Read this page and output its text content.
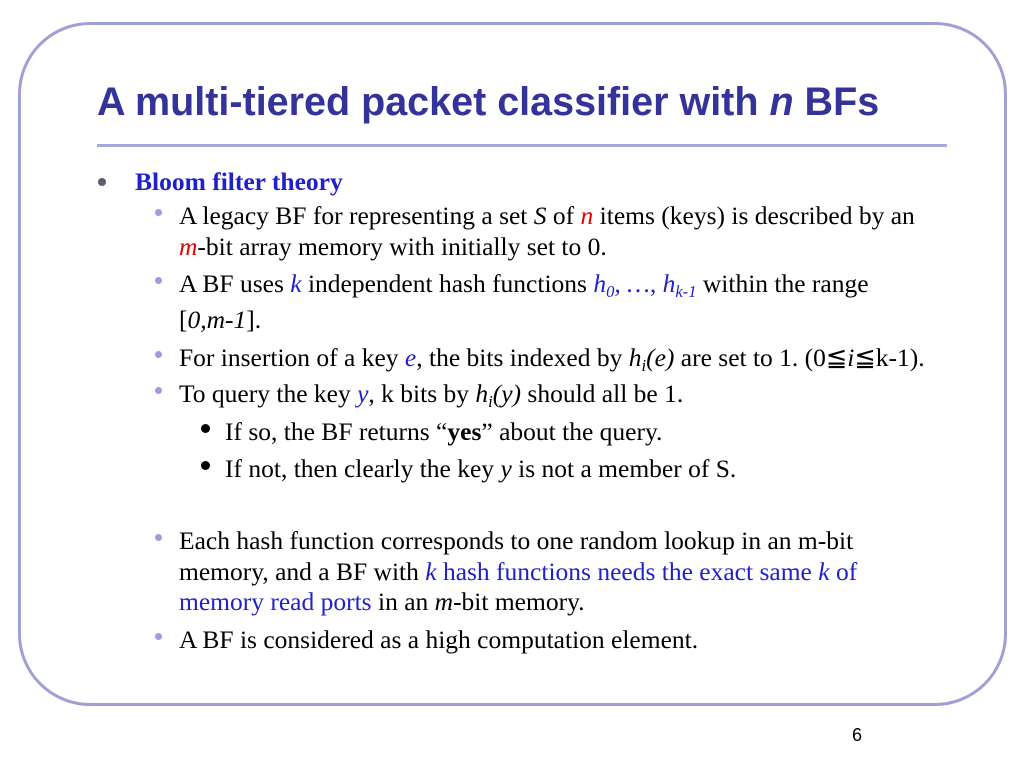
A multi-tiered packet classifier with n BFs
Bloom filter theory
A legacy BF for representing a set S of n items (keys) is described by an
m-bit array memory with initially set to 0.
A BF uses k independent hash functions $h_0$, …, $h_{k-1}$ within the range
[0,m-1].
For insertion of a key e, the bits indexed by $h_i(e)$ are set to 1. (0≦i≦k-1).
To query the key y, k bits by $h_i(y)$ should all be 1.
If so, the BF returns “yes” about the query.
If not, then clearly the key y is not a member of S.
Each hash function corresponds to one random lookup in an m-bit
memory, and a BF with k hash functions needs the exact same k of
memory read ports in an m-bit memory.
A BF is considered as a high computation element.
6
